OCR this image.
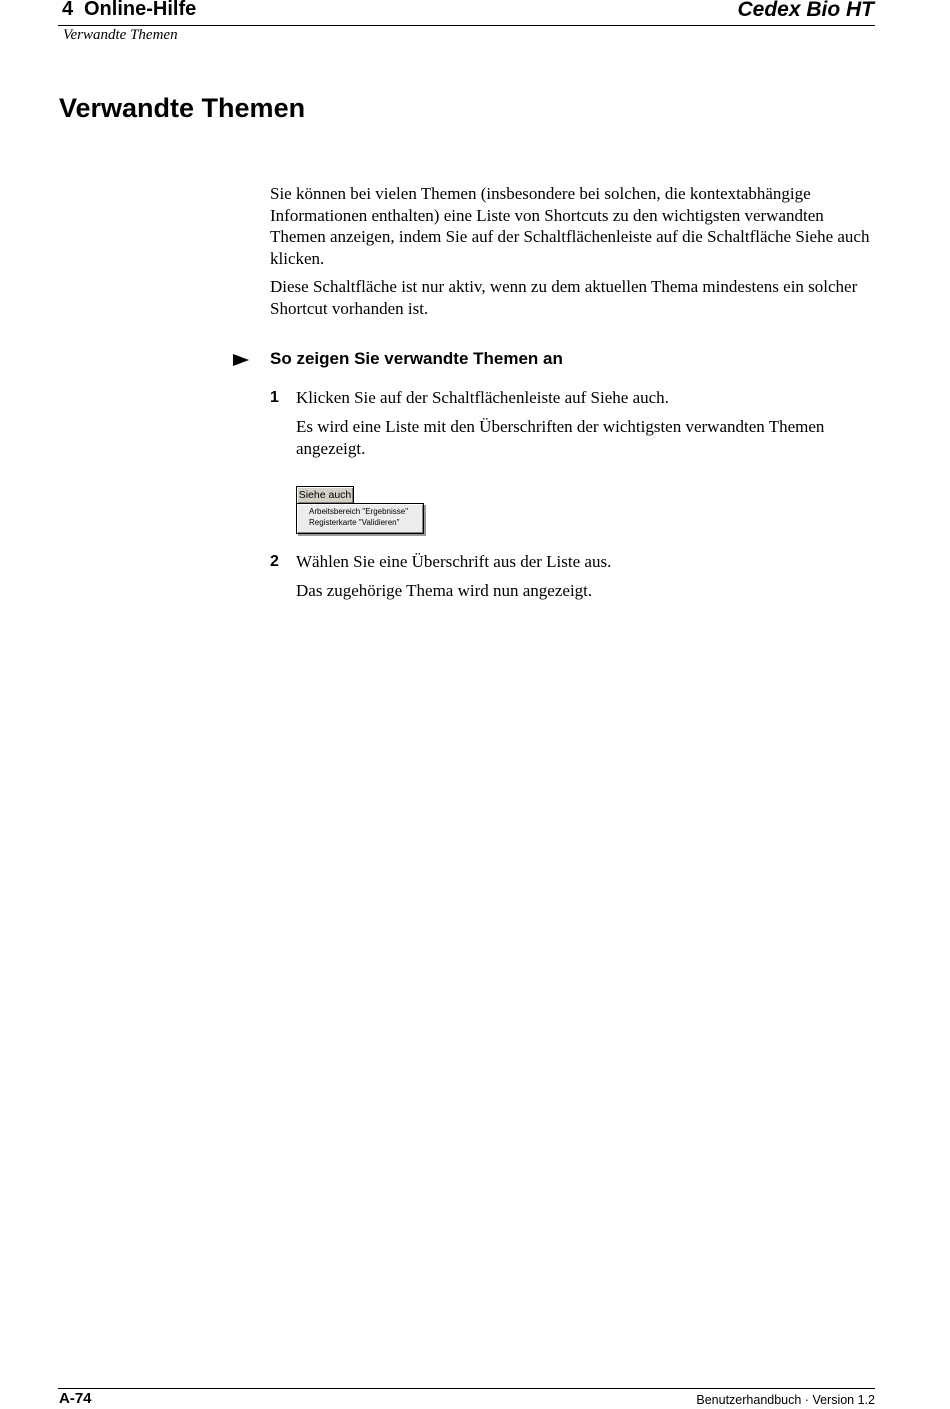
4 Online-Hilfe	Cedex Bio HT
Verwandte Themen
Verwandte Themen

Sie können bei vielen Themen (insbesondere bei solchen, die kontextabhängige Informationen enthalten) eine Liste von Shortcuts zu den wichtigsten verwandten Themen anzeigen, indem Sie auf der Schaltflächenleiste auf die Schaltfläche Siehe auch klicken.

Diese Schaltfläche ist nur aktiv, wenn zu dem aktuellen Thema mindestens ein solcher Shortcut vorhanden ist.

So zeigen Sie verwandte Themen an
1 Klicken Sie auf der Schaltflächenleiste auf Siehe auch.

Es wird eine Liste mit den Überschriften der wichtigsten verwandten Themen angezeigt.

Siehe auch
Arbeitsbereich "Ergebnisse"
Registerkarte "Validieren"
2 Wählen Sie eine Überschrift aus der Liste aus.

Das zugehörige Thema wird nun angezeigt.

A-74	Benutzerhandbuch · Version 1.2
